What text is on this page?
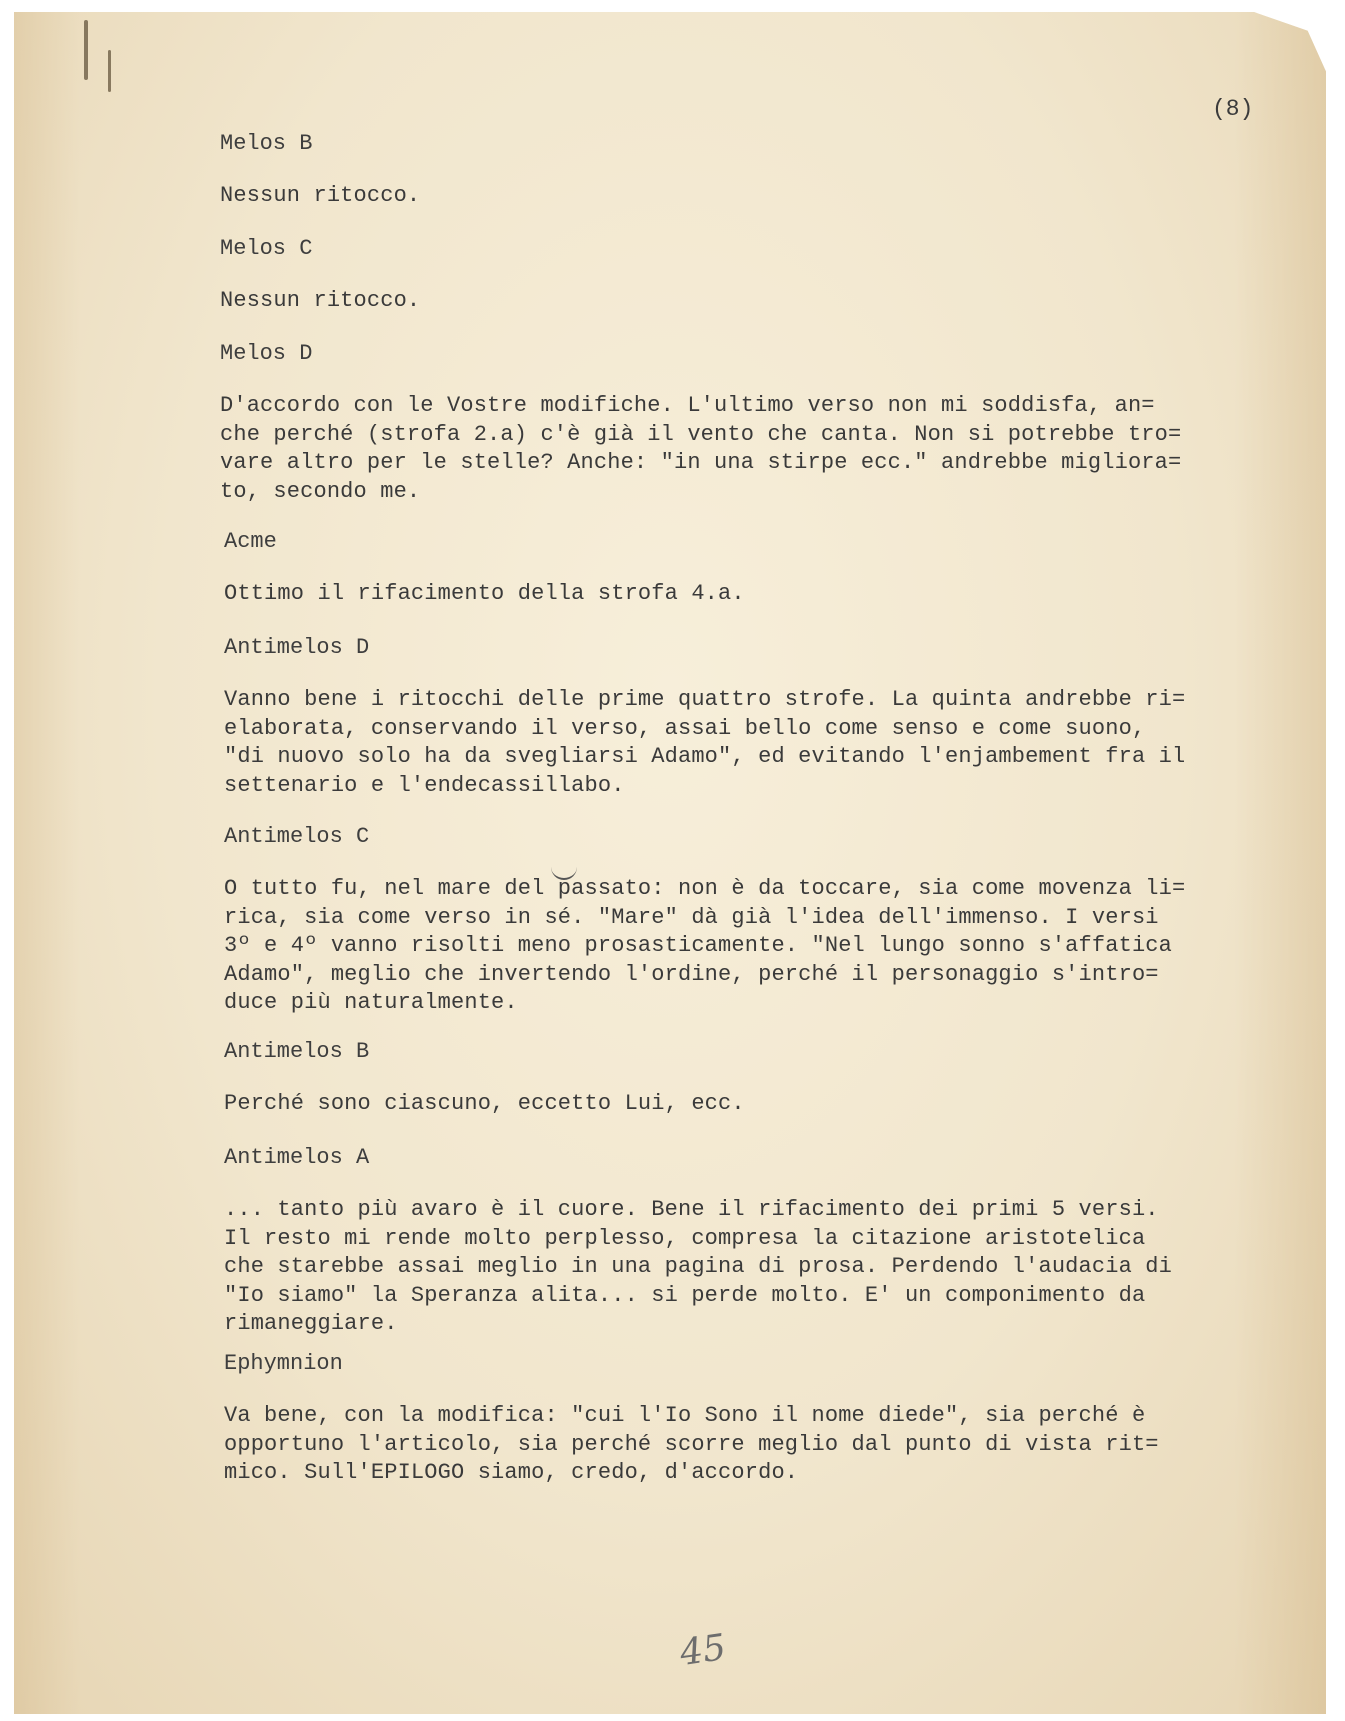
(8)
Melos B
Nessun ritocco.
Melos C
Nessun ritocco.
Melos D
D'accordo con le Vostre modifiche. L'ultimo verso non mi soddisfa, an=
che perché (strofa 2.a) c'è già il vento che canta. Non si potrebbe tro=
vare altro per le stelle? Anche: "in una stirpe ecc." andrebbe migliora=
to, secondo me.
Acme
Ottimo il rifacimento della strofa 4.a.
Antimelos D
Vanno bene i ritocchi delle prime quattro strofe. La quinta andrebbe ri=
elaborata, conservando il verso, assai bello come senso e come suono,
"di nuovo solo ha da svegliarsi Adamo", ed evitando l'enjambement fra il
settenario e l'endecassillabo.
Antimelos C
O tutto fu, nel mare del passato: non è da toccare, sia come movenza li=
rica, sia come verso in sé. "Mare" dà già l'idea dell'immenso. I versi
3º e 4º vanno risolti meno prosasticamente. "Nel lungo sonno s'affatica
Adamo", meglio che invertendo l'ordine, perché il personaggio s'intro=
duce più naturalmente.
Antimelos B
Perché sono ciascuno, eccetto Lui, ecc.
Antimelos A
... tanto più avaro è il cuore. Bene il rifacimento dei primi 5 versi.
Il resto mi rende molto perplesso, compresa la citazione aristotelica
che starebbe assai meglio in una pagina di prosa. Perdendo l'audacia di
"Io siamo" la Speranza alita... si perde molto. E' un componimento da
rimaneggiare.
Ephymnion
Va bene, con la modifica: "cui l'Io Sono il nome diede", sia perché è
opportuno l'articolo, sia perché scorre meglio dal punto di vista rit=
mico. Sull'EPILOGO siamo, credo, d'accordo.
45
